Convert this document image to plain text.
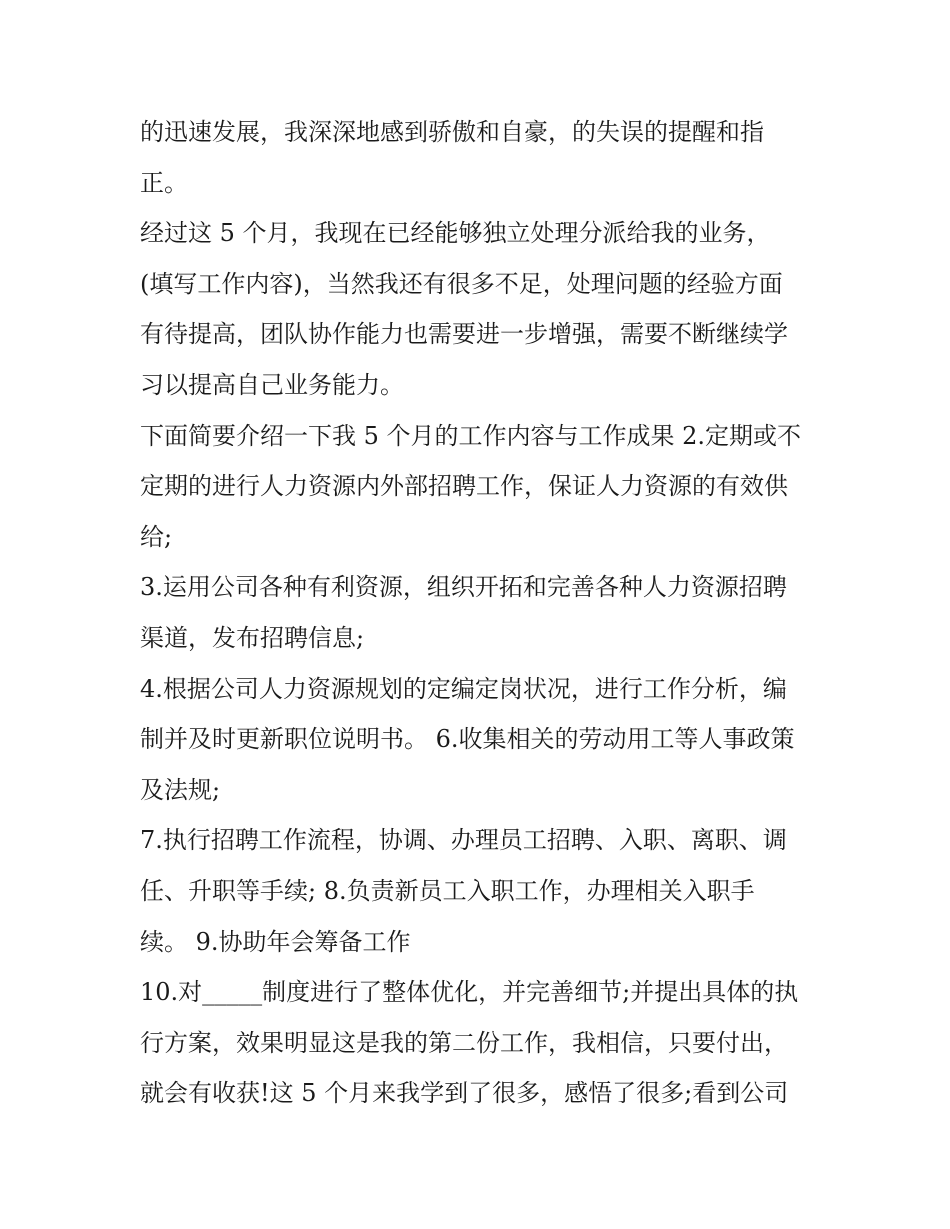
的迅速发展，我深深地感到骄傲和自豪，的失误的提醒和指
正。
经过这 5 个月，我现在已经能够独立处理分派给我的业务，
(填写工作内容)，当然我还有很多不足，处理问题的经验方面
有待提高，团队协作能力也需要进一步增强，需要不断继续学
习以提高自己业务能力。
下面简要介绍一下我 5 个月的工作内容与工作成果 2.定期或不
定期的进行人力资源内外部招聘工作，保证人力资源的有效供
给;
3.运用公司各种有利资源，组织开拓和完善各种人力资源招聘
渠道，发布招聘信息;
4.根据公司人力资源规划的定编定岗状况，进行工作分析，编
制并及时更新职位说明书。 6.收集相关的劳动用工等人事政策
及法规;
7.执行招聘工作流程，协调、办理员工招聘、入职、离职、调
任、升职等手续; 8.负责新员工入职工作，办理相关入职手
续。 9.协助年会筹备工作
10.对_____制度进行了整体优化，并完善细节;并提出具体的执
行方案，效果明显这是我的第二份工作，我相信，只要付出，
就会有收获!这 5 个月来我学到了很多，感悟了很多;看到公司
